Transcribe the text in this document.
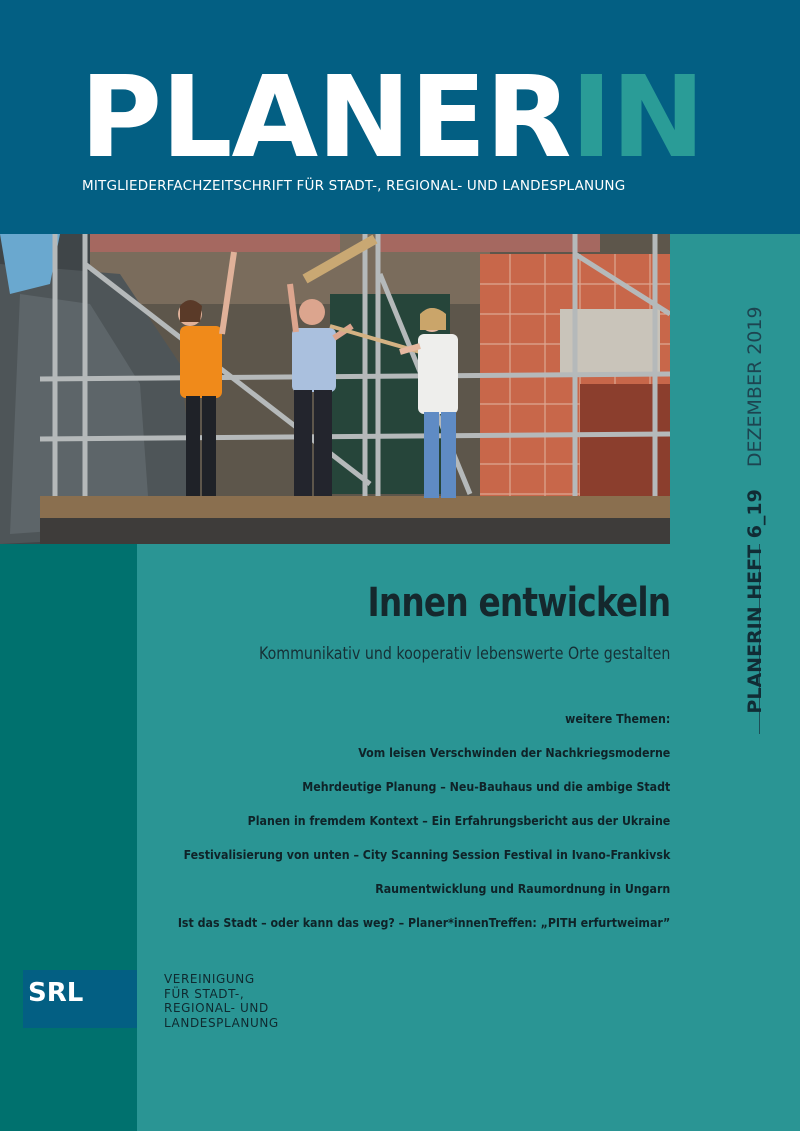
PLANERIN
MITGLIEDERFACHZEITSCHRIFT FÜR STADT-, REGIONAL- UND LANDESPLANUNG
PLANERIN HEFT 6_19DEZEMBER 2019
Innen entwickeln
Kommunikativ und kooperativ lebenswerte Orte gestalten
weitere Themen:
Vom leisen Verschwinden der Nachkriegsmoderne
Mehrdeutige Planung – Neu-Bauhaus und die ambige Stadt
Planen in fremdem Kontext – Ein Erfahrungsbericht aus der Ukraine
Festivalisierung von unten – City Scanning Session Festival in Ivano-Frankivsk
Raumentwicklung und Raumordnung in Ungarn
Ist das Stadt – oder kann das weg? – Planer*innenTreffen: „PITH erfurtweimar”
SRL	VEREINIGUNG
FÜR STADT-,
REGIONAL- UND
LANDESPLANUNG
